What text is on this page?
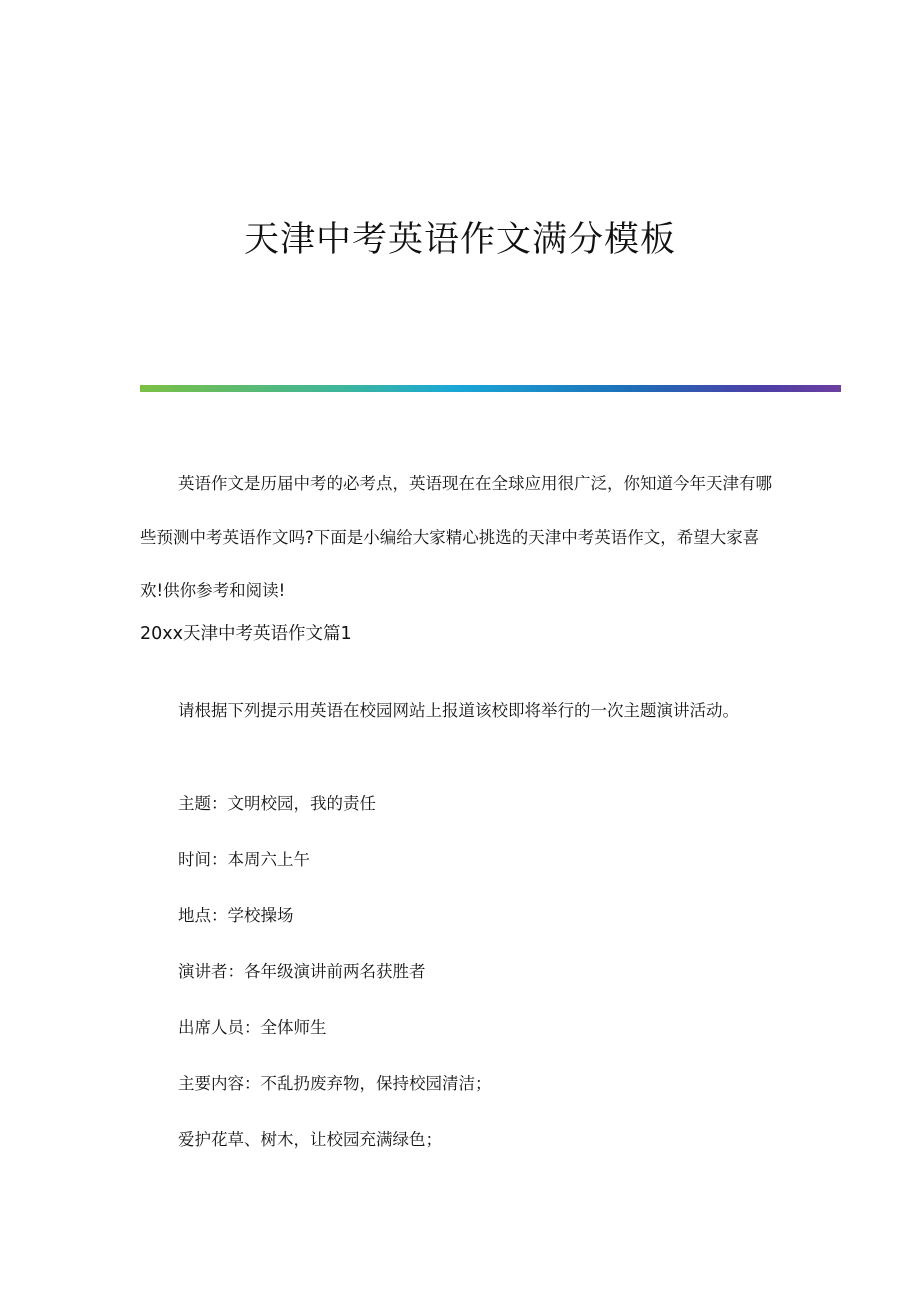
天津中考英语作文满分模板

英语作文是历届中考的必考点，英语现在在全球应用很广泛，你知道今年天津有哪些预测中考英语作文吗?下面是小编给大家精心挑选的天津中考英语作文，希望大家喜欢!供你参考和阅读!

20xx天津中考英语作文篇1

请根据下列提示用英语在校园网站上报道该校即将举行的一次主题演讲活动。

主题：文明校园，我的责任

时间：本周六上午

地点：学校操场

演讲者：各年级演讲前两名获胜者

出席人员：全体师生

主要内容：不乱扔废弃物，保持校园清洁；

爱护花草、树木，让校园充满绿色；
